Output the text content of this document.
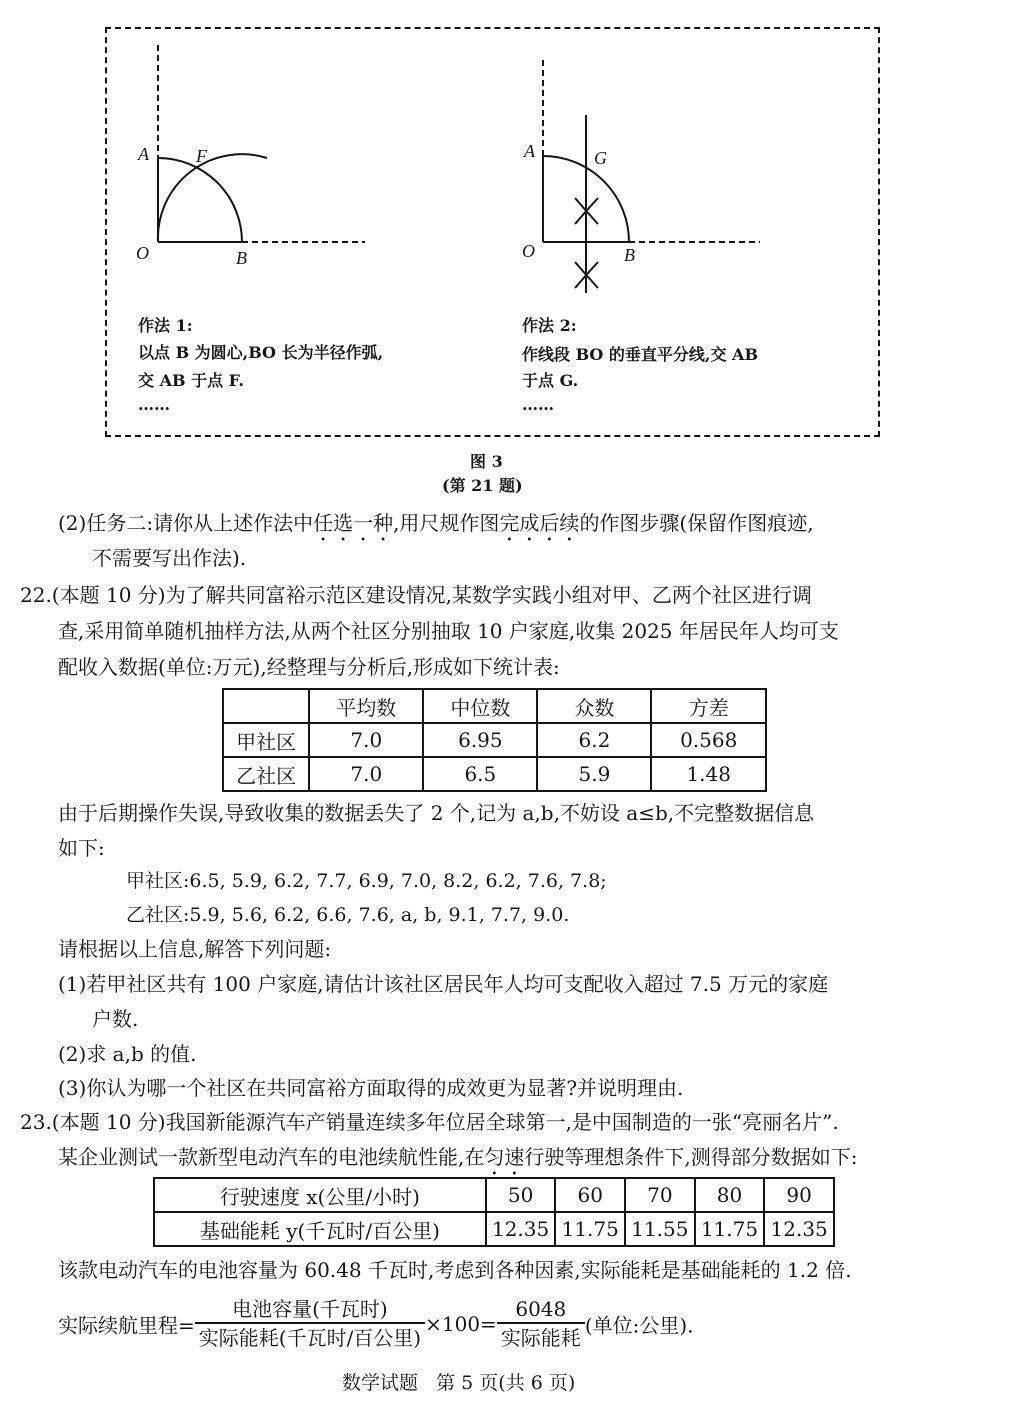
A	F
O	B
A	G
O	B
作法 1:
以点 B 为圆心,BO 长为半径作弧,
交 AB 于点 F.
……
作法 2:
作线段 BO 的垂直平分线,交 AB
于点 G.
……
图 3
(第 21 题)
(2)任务二:请你从上述作法中任选一种,用尺规作图完成后续的作图步骤(保留作图痕迹,
不需要写出作法).
22.(本题 10 分)为了解共同富裕示范区建设情况,某数学实践小组对甲、乙两个社区进行调
查,采用简单随机抽样方法,从两个社区分别抽取 10 户家庭,收集 2025 年居民年人均可支
配收入数据(单位:万元),经整理与分析后,形成如下统计表:
	平均数	中位数	众数	方差
甲社区	7.0	6.95	6.2	0.568
乙社区	7.0	6.5	5.9	1.48
由于后期操作失误,导致收集的数据丢失了 2 个,记为 a,b,不妨设 a≤b,不完整数据信息
如下:
甲社区:6.5, 5.9, 6.2, 7.7, 6.9, 7.0, 8.2, 6.2, 7.6, 7.8;
乙社区:5.9, 5.6, 6.2, 6.6, 7.6, a, b, 9.1, 7.7, 9.0.
请根据以上信息,解答下列问题:
(1)若甲社区共有 100 户家庭,请估计该社区居民年人均可支配收入超过 7.5 万元的家庭
户数.
(2)求 a,b 的值.
(3)你认为哪一个社区在共同富裕方面取得的成效更为显著?并说明理由.
23.(本题 10 分)我国新能源汽车产销量连续多年位居全球第一,是中国制造的一张“亮丽名片”.
某企业测试一款新型电动汽车的电池续航性能,在匀速行驶等理想条件下,测得部分数据如下:
行驶速度 x(公里/小时)	50	60	70	80	90
基础能耗 y(千瓦时/百公里)	12.35	11.75	11.55	11.75	12.35
该款电动汽车的电池容量为 60.48 千瓦时,考虑到各种因素,实际能耗是基础能耗的 1.2 倍.
实际续航里程= $\frac{\text{电池容量(千瓦时)}}{\text{实际能耗(千瓦时/百公里)}} \times 100= \frac{6048}{\text{实际能耗}}$ (单位:公里).
数学试题   第 5 页(共 6 页)
